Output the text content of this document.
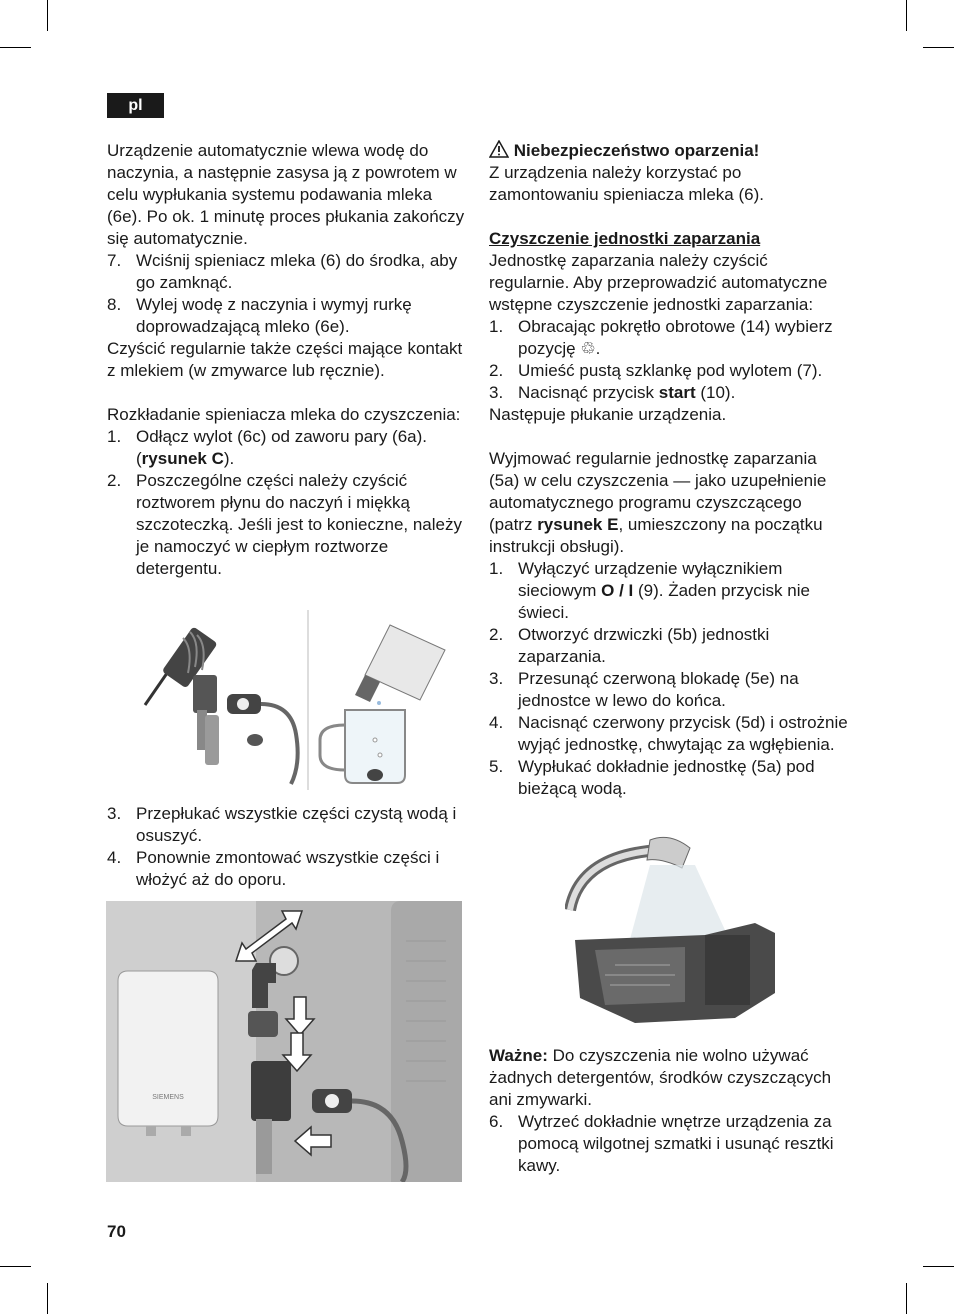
pl

Urządzenie automatycznie wlewa wodę do naczynia, a następnie zasysa ją z powrotem w celu wypłukania systemu podawania mleka (6e). Po ok. 1 minutę proces płukania zakończy się automatycznie.

7. Wciśnij spieniacz mleka (6) do środka, aby go zamknąć.
8. Wylej wodę z naczynia i wymyj rurkę doprowadzającą mleko (6e).

Czyścić regularnie także części mające kontakt z mlekiem (w zmywarce lub ręcznie).

Rozkładanie spieniacza mleka do czyszczenia:

1. Odłącz wylot (6c) od zaworu pary (6a). (rysunek C).
2. Poszczególne części należy czyścić roztworem płynu do naczyń i miękką szczoteczką. Jeśli jest to konieczne, należy je namoczyć w ciepłym roztworze detergentu.
3. Przepłukać wszystkie części czystą wodą i osuszyć.
4. Ponownie zmontować wszystkie części i włożyć aż do oporu.
SIEMENS

Niebezpieczeństwo oparzenia!

Z urządzenia należy korzystać po zamontowaniu spieniacza mleka (6).

Czyszczenie jednostki zaparzania

Jednostkę zaparzania należy czyścić regularnie. Aby przeprowadzić automatyczne wstępne czyszczenie jednostki zaparzania:

1. Obracając pokrętło obrotowe (14) wybierz pozycję ♲.
2. Umieść pustą szklankę pod wylotem (7).
3. Nacisnąć przycisk start (10).

Następuje płukanie urządzenia.

Wyjmować regularnie jednostkę zaparzania (5a) w celu czyszczenia — jako uzupełnienie automatycznego programu czyszczącego (patrz rysunek E, umieszczony na początku instrukcji obsługi).

1. Wyłączyć urządzenie wyłącznikiem sieciowym O / I (9). Żaden przycisk nie świeci.
2. Otworzyć drzwiczki (5b) jednostki zaparzania.
3. Przesunąć czerwoną blokadę (5e) na jednostce w lewo do końca.
4. Nacisnąć czerwony przycisk (5d) i ostrożnie wyjąć jednostkę, chwytając za wgłębienia.
5. Wypłukać dokładnie jednostkę (5a) pod bieżącą wodą.

Ważne: Do czyszczenia nie wolno używać żadnych detergentów, środków czyszczących ani zmywarki.

6. Wytrzeć dokładnie wnętrze urządzenia za pomocą wilgotnej szmatki i usunąć resztki kawy.
70
